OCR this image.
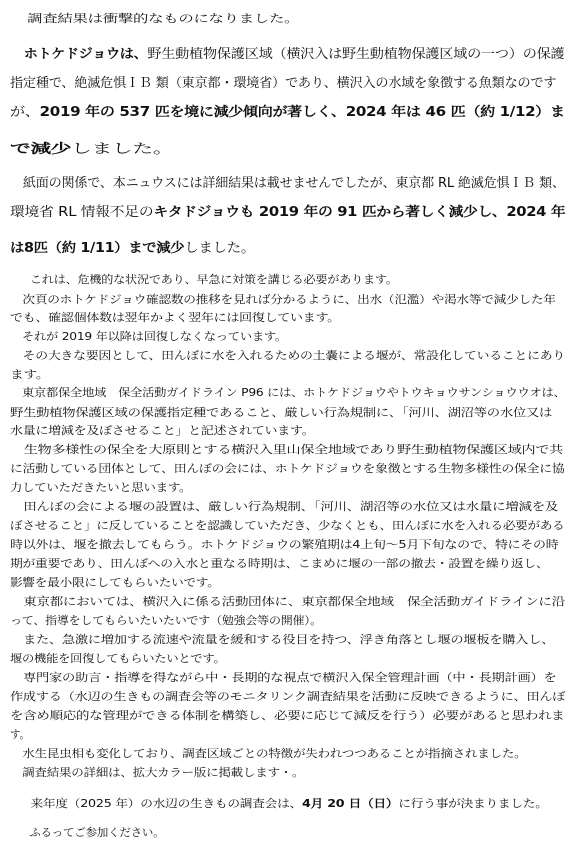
　調査結果は衝撃的なものになりました。
　ホトケドジョウは、野生動植物保護区域（横沢入は野生動植物保護区域の一つ）の保護
指定種で、絶滅危惧ＩＢ 類（東京都・環境省）であり、横沢入の水域を象徴する魚類なのです
が、2019 年の 537 匹を境に減少傾向が著しく、2024 年は 46 匹（約 1/12）ま
で減少しました。
　紙面の関係で、本ニュウスには詳細結果は載せませんでしたが、東京都 RL 絶滅危惧ＩＢ 類、
環境省 RL 情報不足のキタドジョウも 2019 年の 91 匹から著しく減少し、2024 年
は8匹（約 1/11）まで減少しました。
　これは、危機的な状況であり、早急に対策を講じる必要があります。
　次頁のホトケドジョウ確認数の推移を見れば分かるように、出水（氾濫）や渇水等で減少した年
でも、確認個体数は翌年かよく翌年には回復しています。
　それが 2019 年以降は回復しなくなっています。
　その大きな要因として、田んぼに水を入れるための土嚢による堰が、常設化していることにあり
ます。
　東京都保全地域　保全活動ガイドライン P96 には、ホトケドジョウやトウキョウサンショウウオは、
野生動植物保護区域の保護指定種であること、厳しい行為規制に、「河川、湖沼等の水位又は
水量に増減を及ぼさせること」と記述されています。
　生物多様性の保全を大原則とする横沢入里山保全地域であり野生動植物保護区域内で共
に活動している団体として、田んぼの会には、ホトケドジョウを象徴とする生物多様性の保全に協
力していただきたいと思います。
　田んぼの会による堰の設置は、厳しい行為規制、「河川、湖沼等の水位又は水量に増減を及
ぼさせること」に反していることを認識していただき、少なくとも、田んぼに水を入れる必要がある
時以外は、堰を撤去してもらう。ホトケドジョウの繁殖期は4上旬～5月下旬なので、特にその時
期が重要であり、田んぼへの入水と重なる時期は、こまめに堰の一部の撤去・設置を繰り返し、
影響を最小限にしてもらいたいです。
　東京都においては、横沢入に係る活動団体に、東京都保全地域　保全活動ガイドラインに沿
って、指導をしてもらいたいたいです（勉強会等の開催）。
　また、急激に増加する流速や流量を緩和する役目を持つ、浮き角落とし堰の堰板を購入し、
堰の機能を回復してもらいたいとです。
　専門家の助言・指導を得ながら中・長期的な視点で横沢入保全管理計画（中・長期計画）を
作成する（水辺の生きもの調査会等のモニタリンク調査結果を活動に反映できるように、田んぼ
を含め順応的な管理ができる体制を構築し、必要に応じて減反を行う）必要があると思われま
す。
　水生昆虫相も変化しており、調査区域ごとの特徴が失われつつあることが指摘されました。
　調査結果の詳細は、拡大カラー版に掲載します・。
　来年度（2025 年）の水辺の生きもの調査会は、4月 20 日（日）に行う事が決まりました。
　ふるってご参加ください。
